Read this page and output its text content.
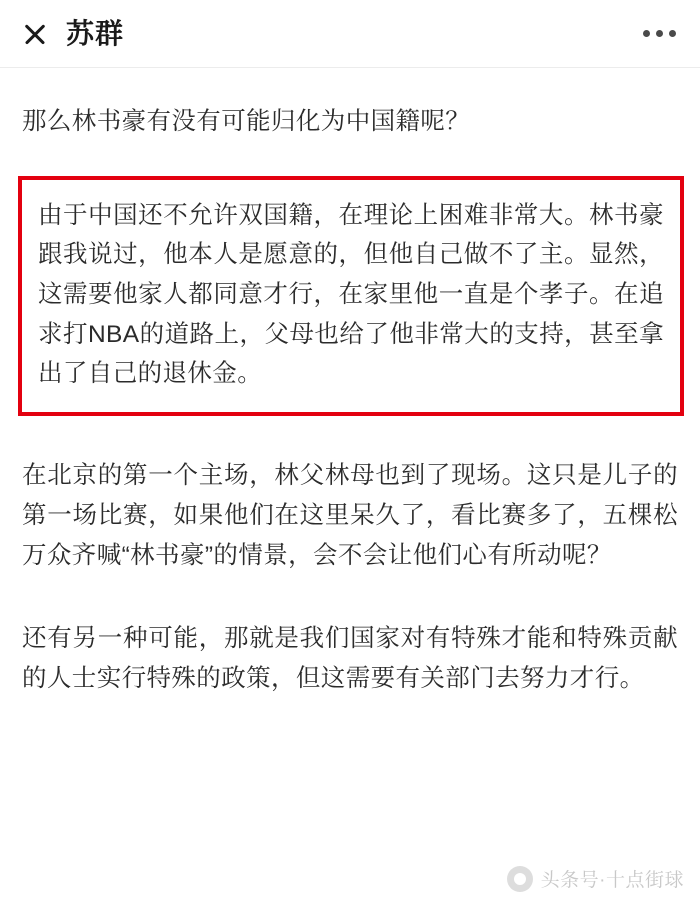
苏群

那么林书豪有没有可能归化为中国籍呢？

由于中国还不允许双国籍，在理论上困难非常大。林书豪跟我说过，他本人是愿意的，但他自己做不了主。显然，这需要他家人都同意才行，在家里他一直是个孝子。在追求打NBA的道路上，父母也给了他非常大的支持，甚至拿出了自己的退休金。

在北京的第一个主场，林父林母也到了现场。这只是儿子的第一场比赛，如果他们在这里呆久了，看比赛多了，五棵松万众齐喊“林书豪”的情景，会不会让他们心有所动呢？

还有另一种可能，那就是我们国家对有特殊才能和特殊贡献的人士实行特殊的政策，但这需要有关部门去努力才行。

头条号·十点街球
